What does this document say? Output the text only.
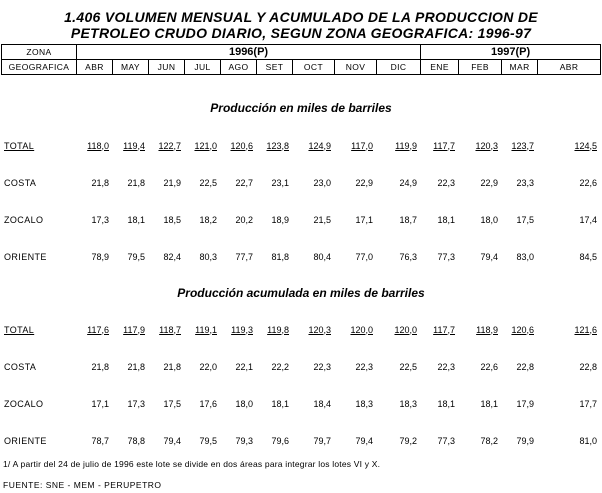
1.406 VOLUMEN MENSUAL Y ACUMULADO DE LA PRODUCCION DE
PETROLEO CRUDO DIARIO, SEGUN ZONA GEOGRAFICA: 1996-97
ZONA	1996(P)									1997(P)			
GEOGRAFICA	ABR	MAY	JUN	JUL	AGO	SET	OCT	NOV	DIC	ENE	FEB	MAR	ABR
Producción en miles de barriles
TOTAL	118,0	119,4	122,7	121,0	120,6	123,8	124,9	117,0	119,9	117,7	120,3	123,7	124,5
COSTA	21,8	21,8	21,9	22,5	22,7	23,1	23,0	22,9	24,9	22,3	22,9	23,3	22,6
ZOCALO	17,3	18,1	18,5	18,2	20,2	18,9	21,5	17,1	18,7	18,1	18,0	17,5	17,4
ORIENTE	78,9	79,5	82,4	80,3	77,7	81,8	80,4	77,0	76,3	77,3	79,4	83,0	84,5
Producción acumulada en miles de barriles
TOTAL	117,6	117,9	118,7	119,1	119,3	119,8	120,3	120,0	120,0	117,7	118,9	120,6	121,6
COSTA	21,8	21,8	21,8	22,0	22,1	22,2	22,3	22,3	22,5	22,3	22,6	22,8	22,8
ZOCALO	17,1	17,3	17,5	17,6	18,0	18,1	18,4	18,3	18,3	18,1	18,1	17,9	17,7
ORIENTE	78,7	78,8	79,4	79,5	79,3	79,6	79,7	79,4	79,2	77,3	78,2	79,9	81,0
1/ A partir del 24 de julio de 1996 este lote se divide en dos áreas para integrar los lotes VI y X.
FUENTE: SNE - MEM - PERUPETRO
